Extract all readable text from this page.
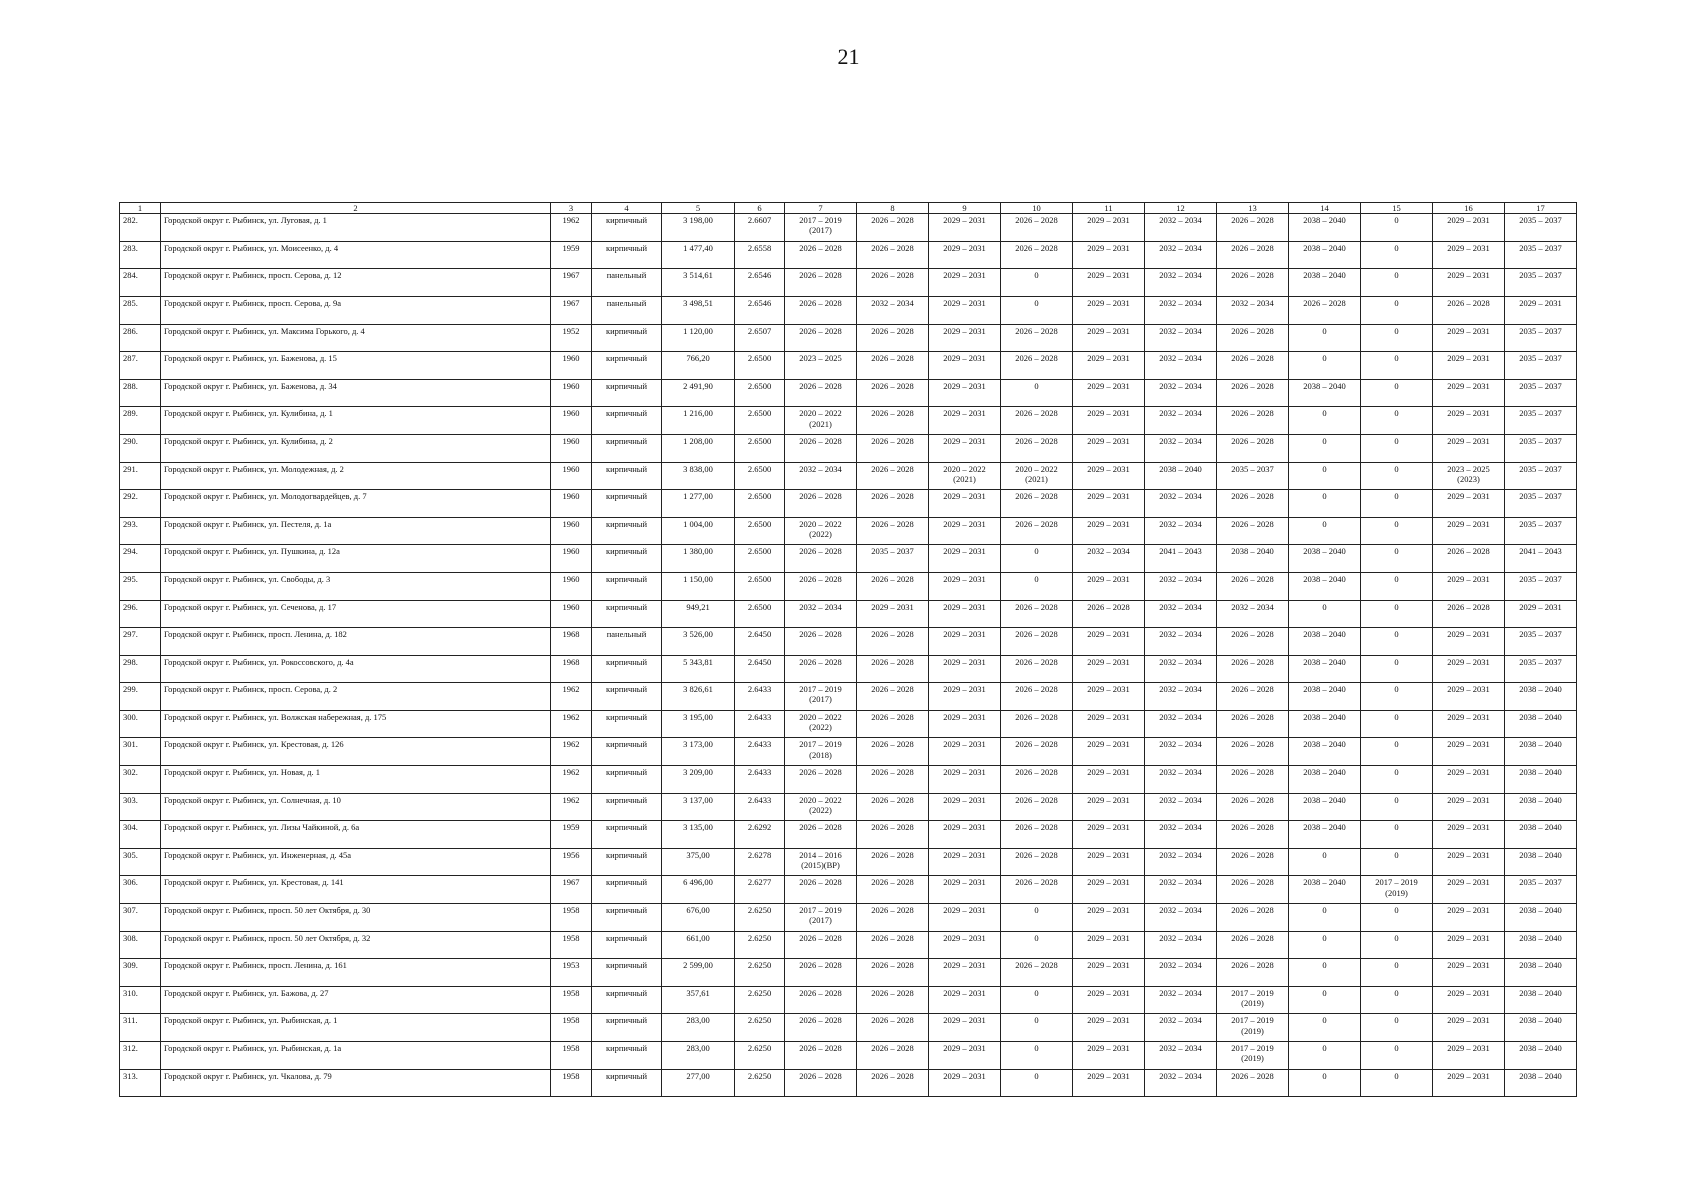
21
1	2	3	4	5	6	7	8	9	10	11	12	13	14	15	16	17
282.	Городской округ г. Рыбинск, ул. Луговая, д. 1	1962	кирпичный	3 198,00	2.6607	2017 – 2019 (2017)	2026 – 2028	2029 – 2031	2026 – 2028	2029 – 2031	2032 – 2034	2026 – 2028	2038 – 2040	0	2029 – 2031	2035 – 2037
283.	Городской округ г. Рыбинск, ул. Моисеенко, д. 4	1959	кирпичный	1 477,40	2.6558	2026 – 2028	2026 – 2028	2029 – 2031	2026 – 2028	2029 – 2031	2032 – 2034	2026 – 2028	2038 – 2040	0	2029 – 2031	2035 – 2037
284.	Городской округ г. Рыбинск, просп. Серова, д. 12	1967	панельный	3 514,61	2.6546	2026 – 2028	2026 – 2028	2029 – 2031	0	2029 – 2031	2032 – 2034	2026 – 2028	2038 – 2040	0	2029 – 2031	2035 – 2037
285.	Городской округ г. Рыбинск, просп. Серова, д. 9а	1967	панельный	3 498,51	2.6546	2026 – 2028	2032 – 2034	2029 – 2031	0	2029 – 2031	2032 – 2034	2032 – 2034	2026 – 2028	0	2026 – 2028	2029 – 2031
286.	Городской округ г. Рыбинск, ул. Максима Горького, д. 4	1952	кирпичный	1 120,00	2.6507	2026 – 2028	2026 – 2028	2029 – 2031	2026 – 2028	2029 – 2031	2032 – 2034	2026 – 2028	0	0	2029 – 2031	2035 – 2037
287.	Городской округ г. Рыбинск, ул. Баженова, д. 15	1960	кирпичный	766,20	2.6500	2023 – 2025	2026 – 2028	2029 – 2031	2026 – 2028	2029 – 2031	2032 – 2034	2026 – 2028	0	0	2029 – 2031	2035 – 2037
288.	Городской округ г. Рыбинск, ул. Баженова, д. 34	1960	кирпичный	2 491,90	2.6500	2026 – 2028	2026 – 2028	2029 – 2031	0	2029 – 2031	2032 – 2034	2026 – 2028	2038 – 2040	0	2029 – 2031	2035 – 2037
289.	Городской округ г. Рыбинск, ул. Кулибина, д. 1	1960	кирпичный	1 216,00	2.6500	2020 – 2022 (2021)	2026 – 2028	2029 – 2031	2026 – 2028	2029 – 2031	2032 – 2034	2026 – 2028	0	0	2029 – 2031	2035 – 2037
290.	Городской округ г. Рыбинск, ул. Кулибина, д. 2	1960	кирпичный	1 208,00	2.6500	2026 – 2028	2026 – 2028	2029 – 2031	2026 – 2028	2029 – 2031	2032 – 2034	2026 – 2028	0	0	2029 – 2031	2035 – 2037
291.	Городской округ г. Рыбинск, ул. Молодежная, д. 2	1960	кирпичный	3 838,00	2.6500	2032 – 2034	2026 – 2028	2020 – 2022 (2021)	2020 – 2022 (2021)	2029 – 2031	2038 – 2040	2035 – 2037	0	0	2023 – 2025 (2023)	2035 – 2037
292.	Городской округ г. Рыбинск, ул. Молодогвардейцев, д. 7	1960	кирпичный	1 277,00	2.6500	2026 – 2028	2026 – 2028	2029 – 2031	2026 – 2028	2029 – 2031	2032 – 2034	2026 – 2028	0	0	2029 – 2031	2035 – 2037
293.	Городской округ г. Рыбинск, ул. Пестеля, д. 1а	1960	кирпичный	1 004,00	2.6500	2020 – 2022 (2022)	2026 – 2028	2029 – 2031	2026 – 2028	2029 – 2031	2032 – 2034	2026 – 2028	0	0	2029 – 2031	2035 – 2037
294.	Городской округ г. Рыбинск, ул. Пушкина, д. 12а	1960	кирпичный	1 380,00	2.6500	2026 – 2028	2035 – 2037	2029 – 2031	0	2032 – 2034	2041 – 2043	2038 – 2040	2038 – 2040	0	2026 – 2028	2041 – 2043
295.	Городской округ г. Рыбинск, ул. Свободы, д. 3	1960	кирпичный	1 150,00	2.6500	2026 – 2028	2026 – 2028	2029 – 2031	0	2029 – 2031	2032 – 2034	2026 – 2028	2038 – 2040	0	2029 – 2031	2035 – 2037
296.	Городской округ г. Рыбинск, ул. Сеченова, д. 17	1960	кирпичный	949,21	2.6500	2032 – 2034	2029 – 2031	2029 – 2031	2026 – 2028	2026 – 2028	2032 – 2034	2032 – 2034	0	0	2026 – 2028	2029 – 2031
297.	Городской округ г. Рыбинск, просп. Ленина, д. 182	1968	панельный	3 526,00	2.6450	2026 – 2028	2026 – 2028	2029 – 2031	2026 – 2028	2029 – 2031	2032 – 2034	2026 – 2028	2038 – 2040	0	2029 – 2031	2035 – 2037
298.	Городской округ г. Рыбинск, ул. Рокоссовского, д. 4а	1968	кирпичный	5 343,81	2.6450	2026 – 2028	2026 – 2028	2029 – 2031	2026 – 2028	2029 – 2031	2032 – 2034	2026 – 2028	2038 – 2040	0	2029 – 2031	2035 – 2037
299.	Городской округ г. Рыбинск, просп. Серова, д. 2	1962	кирпичный	3 826,61	2.6433	2017 – 2019 (2017)	2026 – 2028	2029 – 2031	2026 – 2028	2029 – 2031	2032 – 2034	2026 – 2028	2038 – 2040	0	2029 – 2031	2038 – 2040
300.	Городской округ г. Рыбинск, ул. Волжская набережная, д. 175	1962	кирпичный	3 195,00	2.6433	2020 – 2022 (2022)	2026 – 2028	2029 – 2031	2026 – 2028	2029 – 2031	2032 – 2034	2026 – 2028	2038 – 2040	0	2029 – 2031	2038 – 2040
301.	Городской округ г. Рыбинск, ул. Крестовая, д. 126	1962	кирпичный	3 173,00	2.6433	2017 – 2019 (2018)	2026 – 2028	2029 – 2031	2026 – 2028	2029 – 2031	2032 – 2034	2026 – 2028	2038 – 2040	0	2029 – 2031	2038 – 2040
302.	Городской округ г. Рыбинск, ул. Новая, д. 1	1962	кирпичный	3 209,00	2.6433	2026 – 2028	2026 – 2028	2029 – 2031	2026 – 2028	2029 – 2031	2032 – 2034	2026 – 2028	2038 – 2040	0	2029 – 2031	2038 – 2040
303.	Городской округ г. Рыбинск, ул. Солнечная, д. 10	1962	кирпичный	3 137,00	2.6433	2020 – 2022 (2022)	2026 – 2028	2029 – 2031	2026 – 2028	2029 – 2031	2032 – 2034	2026 – 2028	2038 – 2040	0	2029 – 2031	2038 – 2040
304.	Городской округ г. Рыбинск, ул. Лизы Чайкиной, д. 6а	1959	кирпичный	3 135,00	2.6292	2026 – 2028	2026 – 2028	2029 – 2031	2026 – 2028	2029 – 2031	2032 – 2034	2026 – 2028	2038 – 2040	0	2029 – 2031	2038 – 2040
305.	Городской округ г. Рыбинск, ул. Инженерная, д. 45а	1956	кирпичный	375,00	2.6278	2014 – 2016 (2015)(ВР)	2026 – 2028	2029 – 2031	2026 – 2028	2029 – 2031	2032 – 2034	2026 – 2028	0	0	2029 – 2031	2038 – 2040
306.	Городской округ г. Рыбинск, ул. Крестовая, д. 141	1967	кирпичный	6 496,00	2.6277	2026 – 2028	2026 – 2028	2029 – 2031	2026 – 2028	2029 – 2031	2032 – 2034	2026 – 2028	2038 – 2040	2017 – 2019 (2019)	2029 – 2031	2035 – 2037
307.	Городской округ г. Рыбинск, просп. 50 лет Октября, д. 30	1958	кирпичный	676,00	2.6250	2017 – 2019 (2017)	2026 – 2028	2029 – 2031	0	2029 – 2031	2032 – 2034	2026 – 2028	0	0	2029 – 2031	2038 – 2040
308.	Городской округ г. Рыбинск, просп. 50 лет Октября, д. 32	1958	кирпичный	661,00	2.6250	2026 – 2028	2026 – 2028	2029 – 2031	0	2029 – 2031	2032 – 2034	2026 – 2028	0	0	2029 – 2031	2038 – 2040
309.	Городской округ г. Рыбинск, просп. Ленина, д. 161	1953	кирпичный	2 599,00	2.6250	2026 – 2028	2026 – 2028	2029 – 2031	2026 – 2028	2029 – 2031	2032 – 2034	2026 – 2028	0	0	2029 – 2031	2038 – 2040
310.	Городской округ г. Рыбинск, ул. Бажова, д. 27	1958	кирпичный	357,61	2.6250	2026 – 2028	2026 – 2028	2029 – 2031	0	2029 – 2031	2032 – 2034	2017 – 2019 (2019)	0	0	2029 – 2031	2038 – 2040
311.	Городской округ г. Рыбинск, ул. Рыбинская, д. 1	1958	кирпичный	283,00	2.6250	2026 – 2028	2026 – 2028	2029 – 2031	0	2029 – 2031	2032 – 2034	2017 – 2019 (2019)	0	0	2029 – 2031	2038 – 2040
312.	Городской округ г. Рыбинск, ул. Рыбинская, д. 1а	1958	кирпичный	283,00	2.6250	2026 – 2028	2026 – 2028	2029 – 2031	0	2029 – 2031	2032 – 2034	2017 – 2019 (2019)	0	0	2029 – 2031	2038 – 2040
313.	Городской округ г. Рыбинск, ул. Чкалова, д. 79	1958	кирпичный	277,00	2.6250	2026 – 2028	2026 – 2028	2029 – 2031	0	2029 – 2031	2032 – 2034	2026 – 2028	0	0	2029 – 2031	2038 – 2040
